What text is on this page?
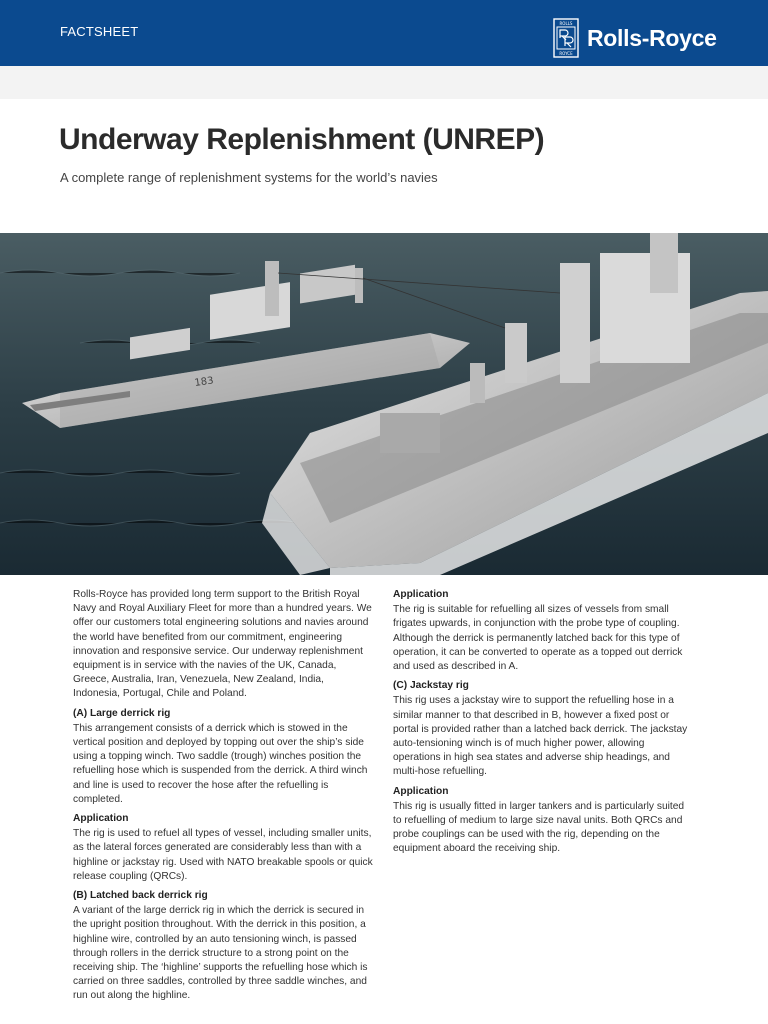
FACTSHEET
ROLLS
ROYCE
Rolls-Royce
Underway Replenishment (UNREP)

A complete range of replenishment systems for the world’s navies

183

Rolls-Royce has provided long term support to the British Royal Navy and Royal Auxiliary Fleet for more than a hundred years. We offer our customers total engineering solutions and navies around the world have benefited from our commitment, engineering innovation and responsive service. Our underway replenishment equipment is in service with the navies of the UK, Canada, Greece, Australia, Iran, Venezuela, New Zealand, India, Indonesia, Portugal, Chile and Poland.

(A) Large derrick rig

This arrangement consists of a derrick which is stowed in the vertical position and deployed by topping out over the ship’s side using a topping winch. Two saddle (trough) winches position the refuelling hose which is suspended from the derrick. A third winch and line is used to recover the hose after the refuelling is completed.

Application

The rig is used to refuel all types of vessel, including smaller units, as the lateral forces generated are considerably less than with a highline or jackstay rig. Used with NATO breakable spools or quick release coupling (QRCs).

(B) Latched back derrick rig

A variant of the large derrick rig in which the derrick is secured in the upright position throughout. With the derrick in this position, a highline wire, controlled by an auto tensioning winch, is passed through rollers in the derrick structure to a strong point on the receiving ship. The ‘highline’ supports the refuelling hose which is carried on three saddles, controlled by three saddle winches, and run out along the highline.

Application

The rig is suitable for refuelling all sizes of vessels from small frigates upwards, in conjunction with the probe type of coupling. Although the derrick is permanently latched back for this type of operation, it can be converted to operate as a topped out derrick and used as described in A.

(C) Jackstay rig

This rig uses a jackstay wire to support the refuelling hose in a similar manner to that described in B, however a fixed post or portal is provided rather than a latched back derrick. The jackstay auto-tensioning winch is of much higher power, allowing operations in high sea states and adverse ship headings, and multi-hose refuelling.

Application

This rig is usually fitted in larger tankers and is particularly suited to refuelling of medium to large size naval units. Both QRCs and probe couplings can be used with the rig, depending on the equipment aboard the receiving ship.
